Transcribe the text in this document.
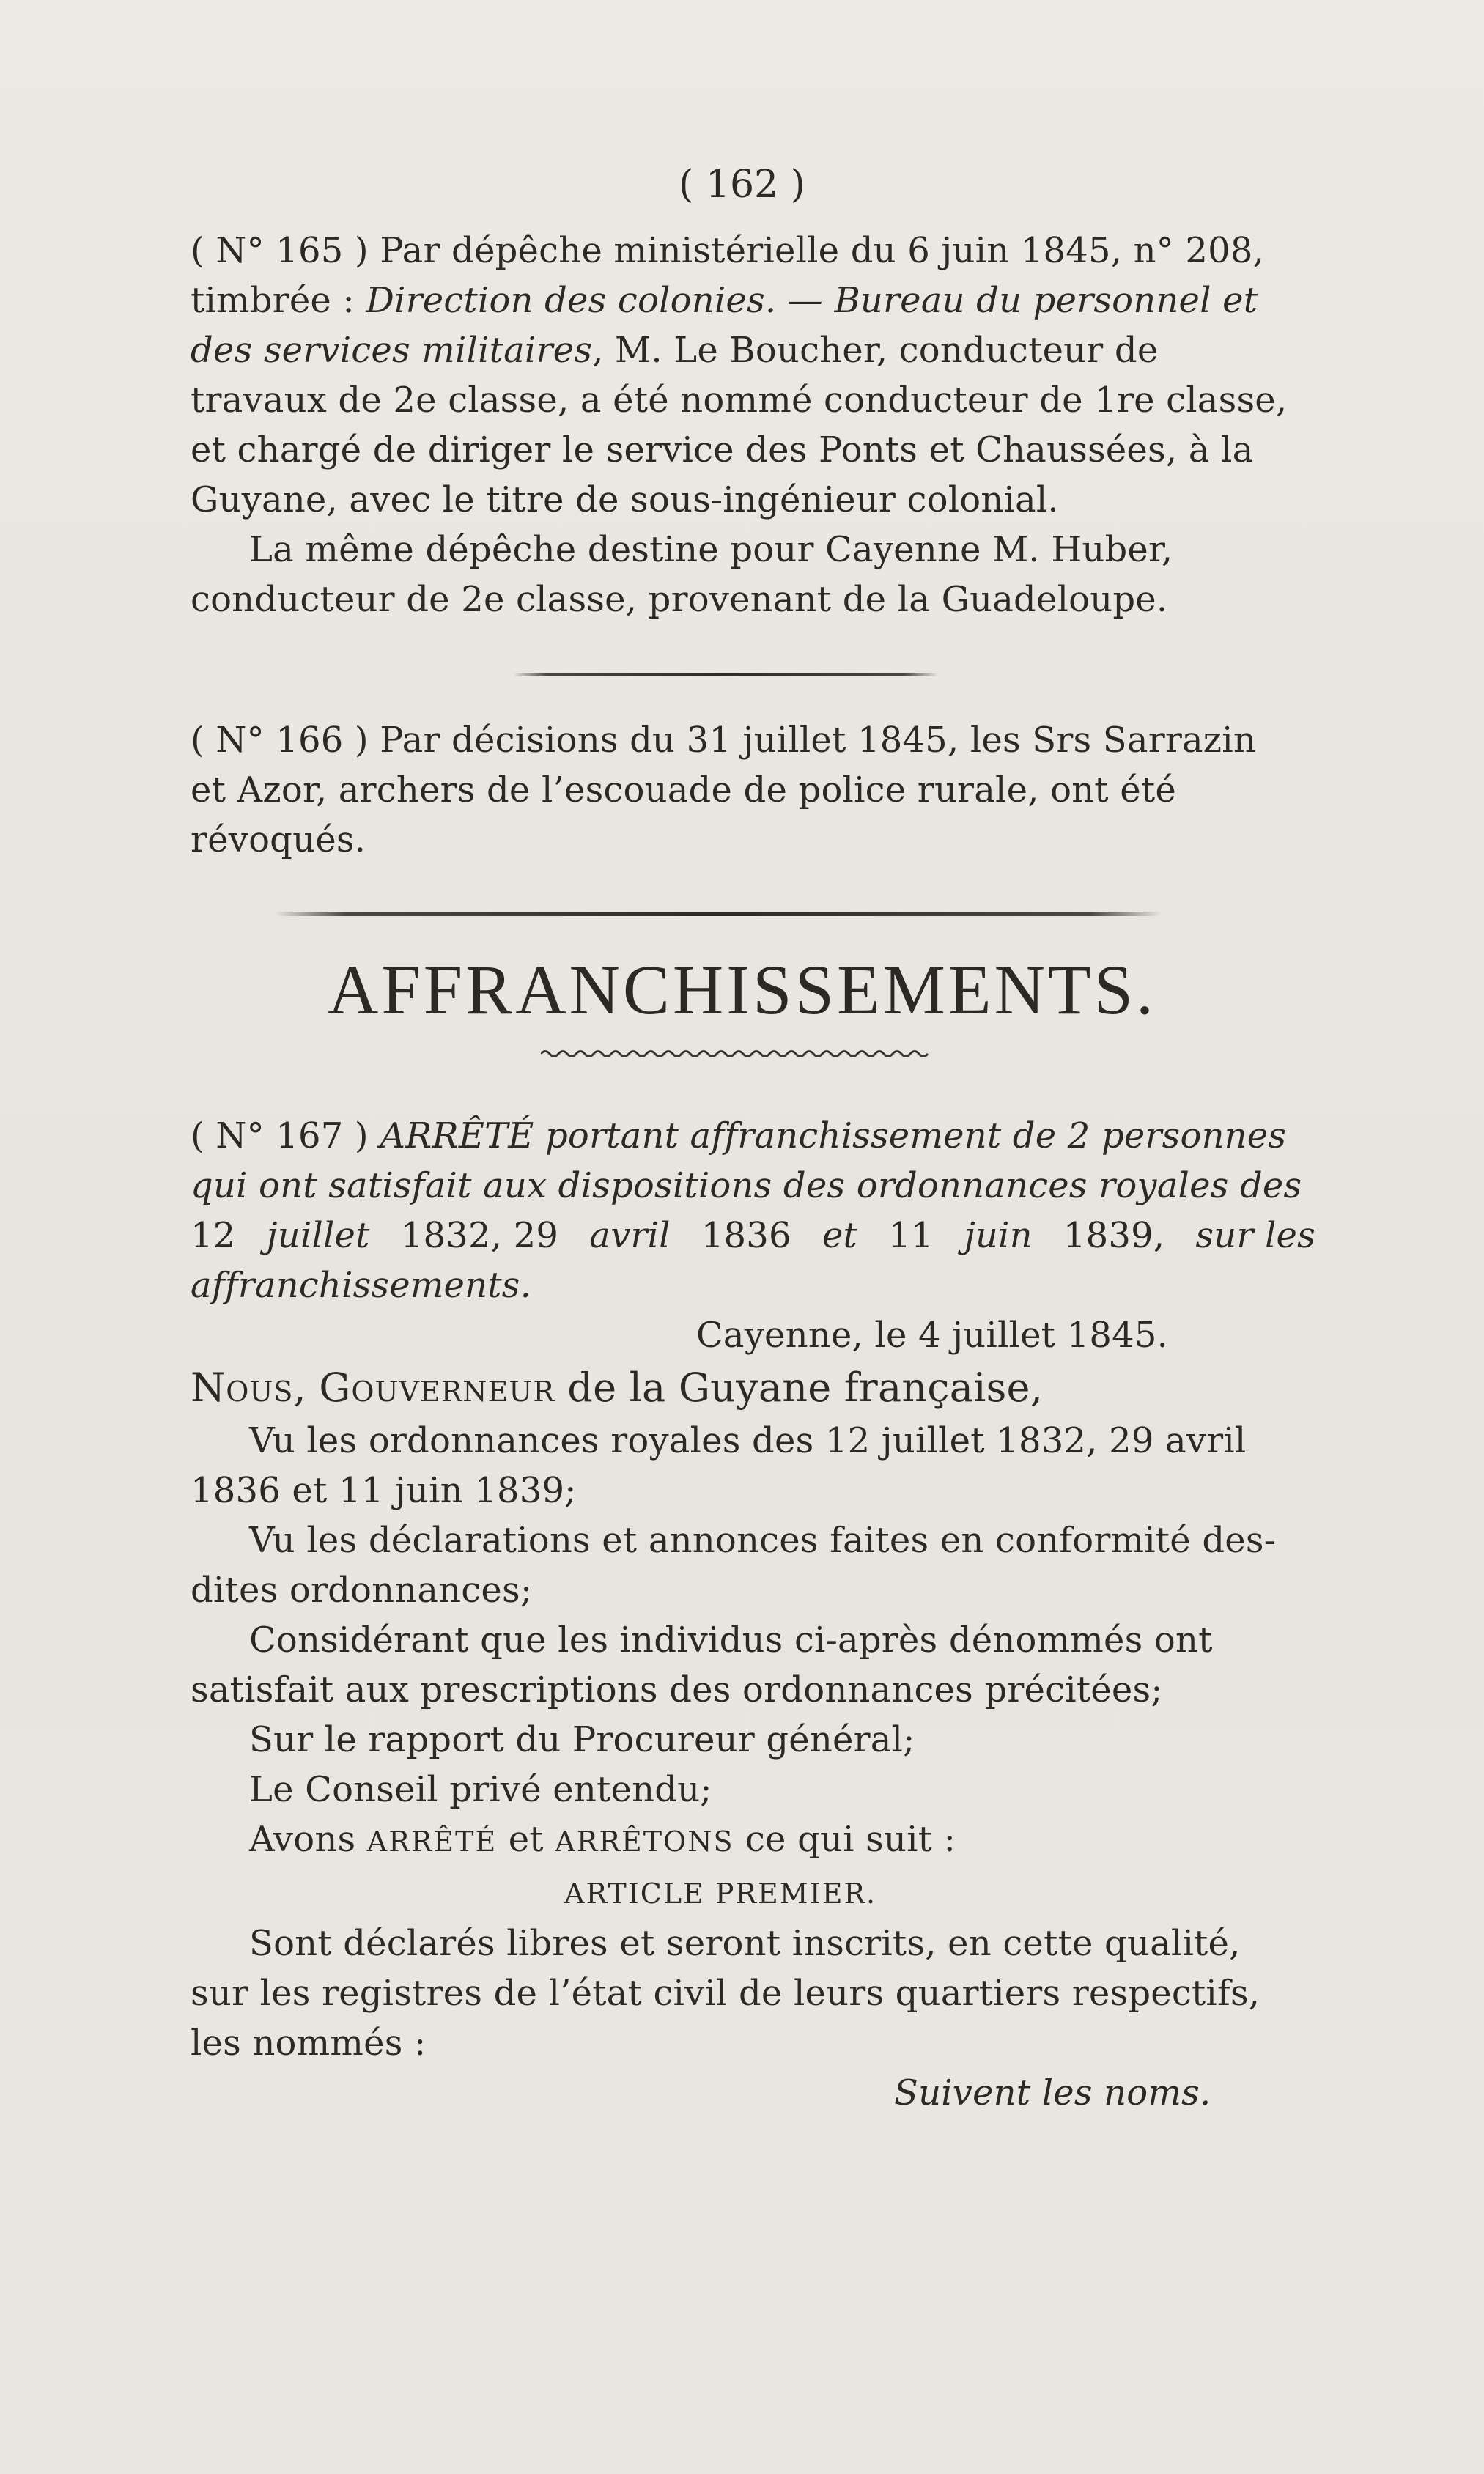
( 162 )
( N° 165 ) Par dépêche ministérielle du 6 juin 1845, n° 208,
timbrée : Direction des colonies. — Bureau du personnel et
des services militaires, M. Le Boucher, conducteur de
travaux de 2e classe, a été nommé conducteur de 1re classe,
et chargé de diriger le service des Ponts et Chaussées, à la
Guyane, avec le titre de sous-ingénieur colonial.
La même dépêche destine pour Cayenne M. Huber,
conducteur de 2e classe, provenant de la Guadeloupe.
( N° 166 ) Par décisions du 31 juillet 1845, les Srs Sarrazin
et Azor, archers de l’escouade de police rurale, ont été
révoqués.
AFFRANCHISSEMENTS.
( N° 167 ) ARRÊTÉ portant affranchissement de 2 personnes
qui ont satisfait aux dispositions des ordonnances royales des
12 juillet 1832, 29 avril 1836 et 11 juin 1839, sur les
affranchissements.
Cayenne, le 4 juillet 1845.
Nous, Gouverneur de la Guyane française,
Vu les ordonnances royales des 12 juillet 1832, 29 avril
1836 et 11 juin 1839;
Vu les déclarations et annonces faites en conformité des-
dites ordonnances;
Considérant que les individus ci-après dénommés ont
satisfait aux prescriptions des ordonnances précitées;
Sur le rapport du Procureur général;
Le Conseil privé entendu;
Avons ARRÊTÉ et ARRÊTONS ce qui suit :
ARTICLE PREMIER.
Sont déclarés libres et seront inscrits, en cette qualité,
sur les registres de l’état civil de leurs quartiers respectifs,
les nommés :
Suivent les noms.
